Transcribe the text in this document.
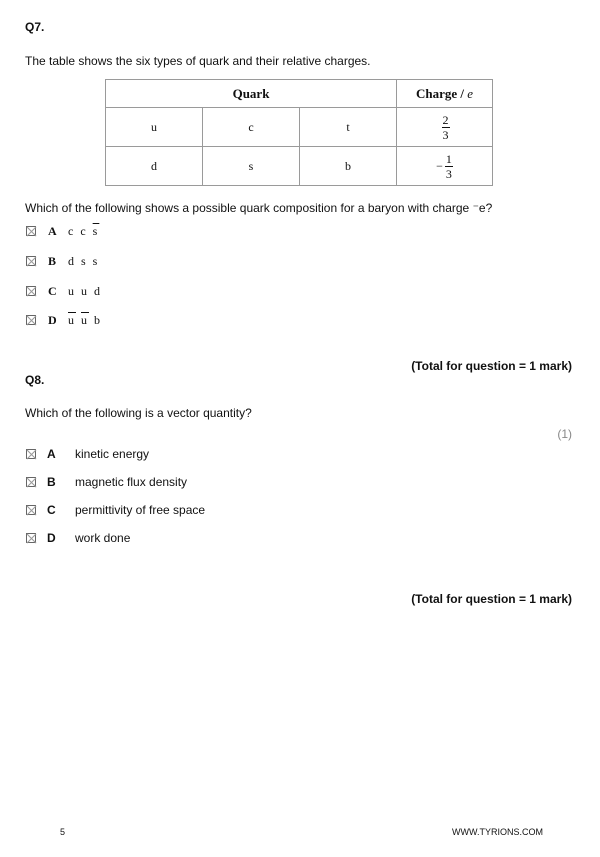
Q7.
The table shows the six types of quark and their relative charges.
Quark			Charge / e
u	c	t	$\frac{2}{3}$

d	s	b	− $\frac{1}{3}$
Which of the following shows a possible quark composition for a baryon with charge ⁻e?
A c c $\overline{s}$
B d s s
C u u d
D $\overline{u}$ $\overline{u}$ b
(Total for question = 1 mark)
Q8.
Which of the following is a vector quantity?
(1)
A	kinetic energy
B	magnetic flux density
C	permittivity of free space
D	work done
(Total for question = 1 mark)
5	WWW.TYRIONS.COM
